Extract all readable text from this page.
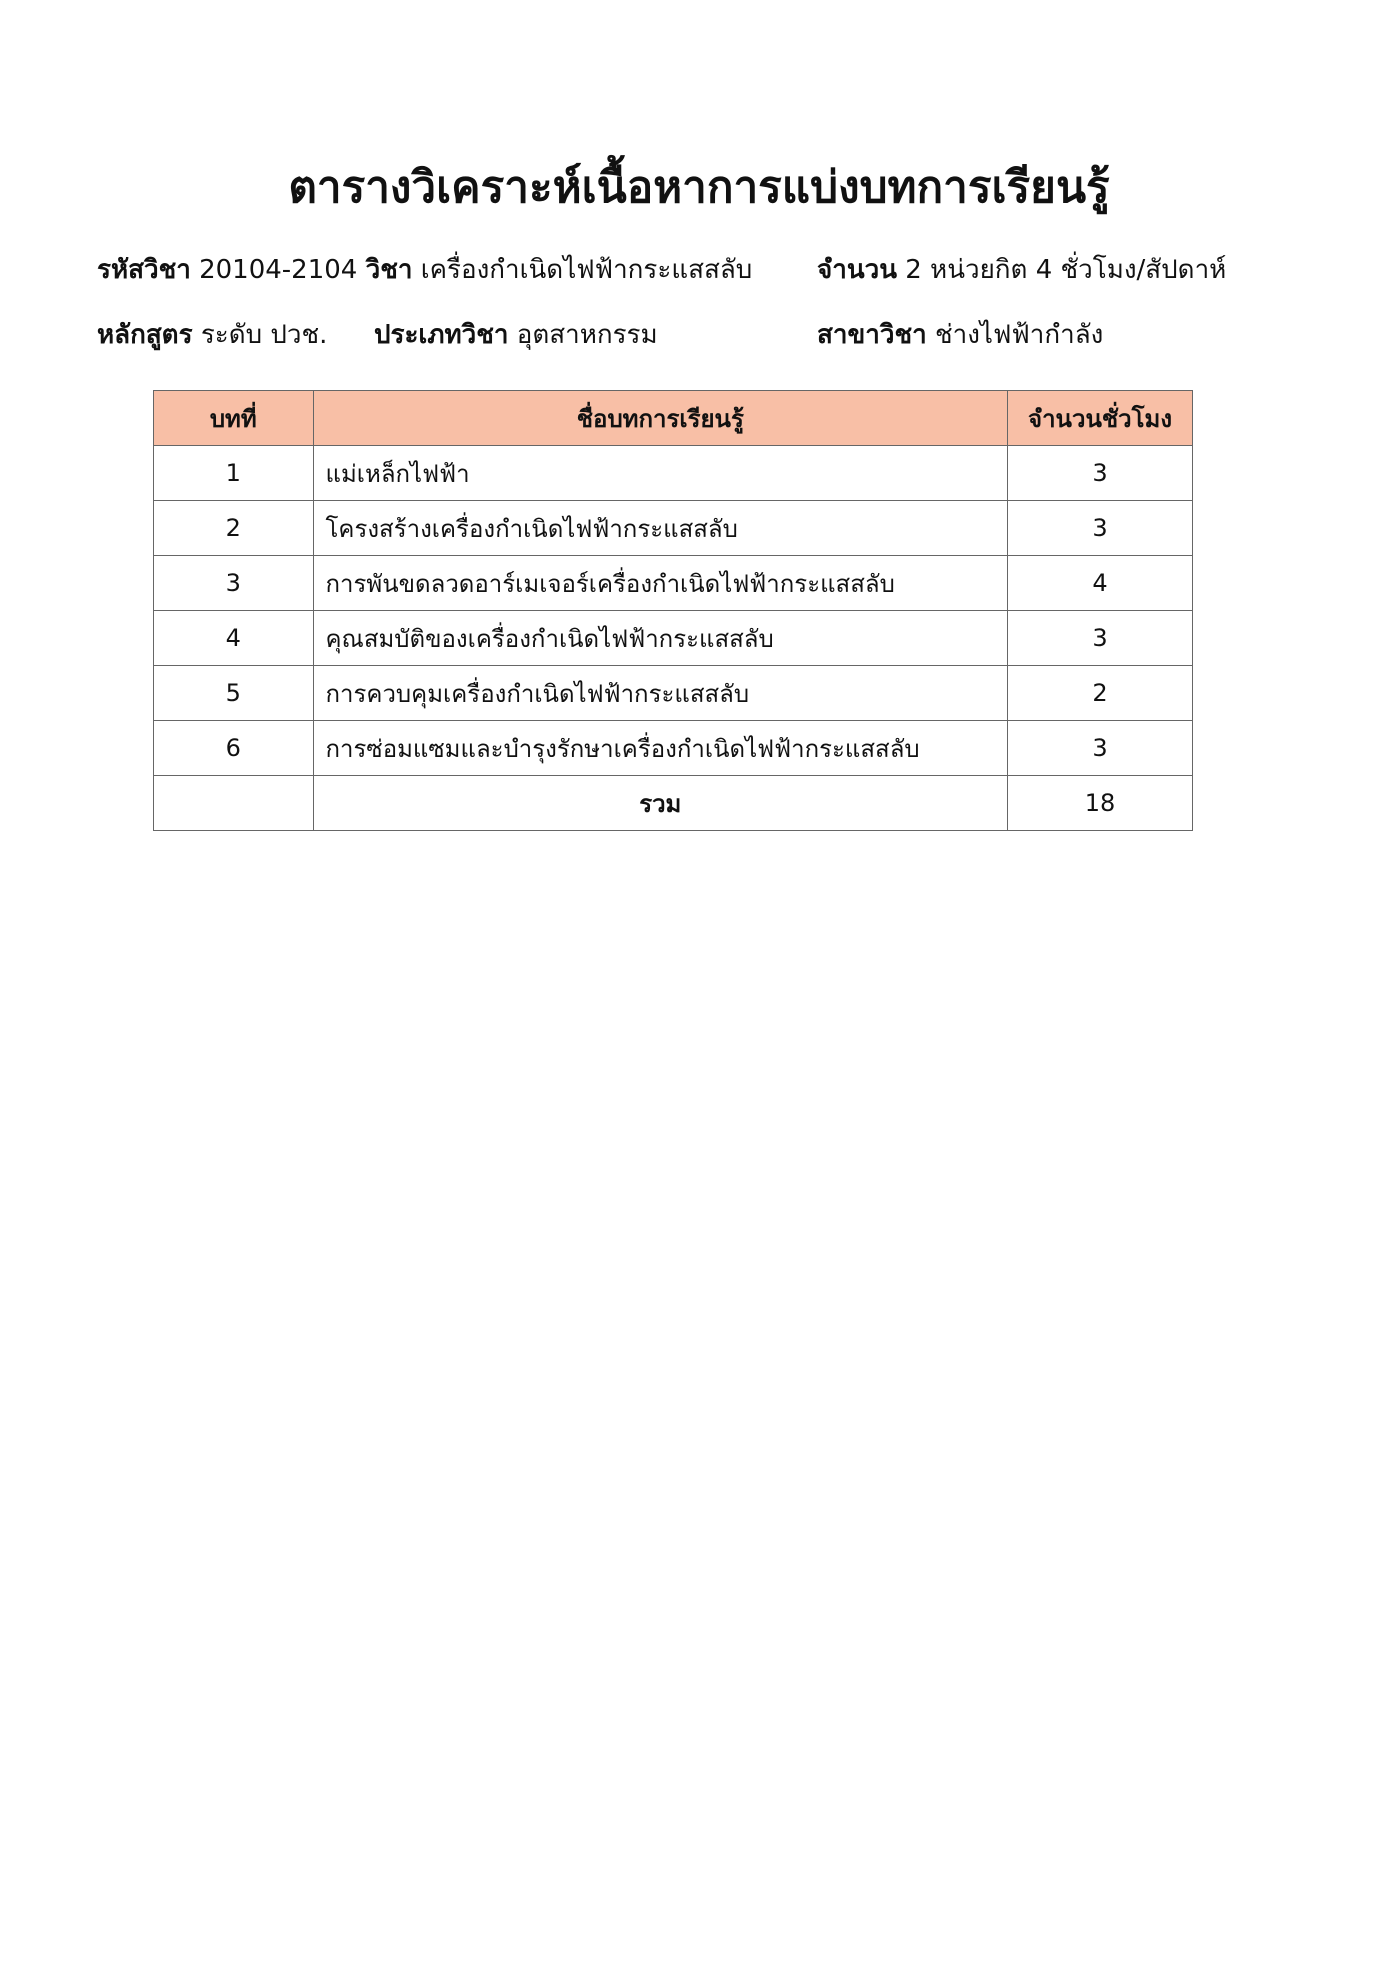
ตารางวิเคราะห์เนื้อหาการแบ่งบทการเรียนรู้
รหัสวิชา 20104-2104 วิชา เครื่องกำเนิดไฟฟ้ากระแสสลับ จำนวน 2 หน่วยกิต 4 ชั่วโมง/สัปดาห์
หลักสูตร ระดับ ปวช. ประเภทวิชา อุตสาหกรรม	สาขาวิชา ช่างไฟฟ้ากำลัง
บทที่	ชื่อบทการเรียนรู้	จำนวนชั่วโมง
1	แม่เหล็กไฟฟ้า	3
2	โครงสร้างเครื่องกำเนิดไฟฟ้ากระแสสลับ	3
3	การพันขดลวดอาร์เมเจอร์เครื่องกำเนิดไฟฟ้ากระแสสลับ	4
4	คุณสมบัติของเครื่องกำเนิดไฟฟ้ากระแสสลับ	3
5	การควบคุมเครื่องกำเนิดไฟฟ้ากระแสสลับ	2
6	การซ่อมแซมและบำรุงรักษาเครื่องกำเนิดไฟฟ้ากระแสสลับ	3
	รวม	18
